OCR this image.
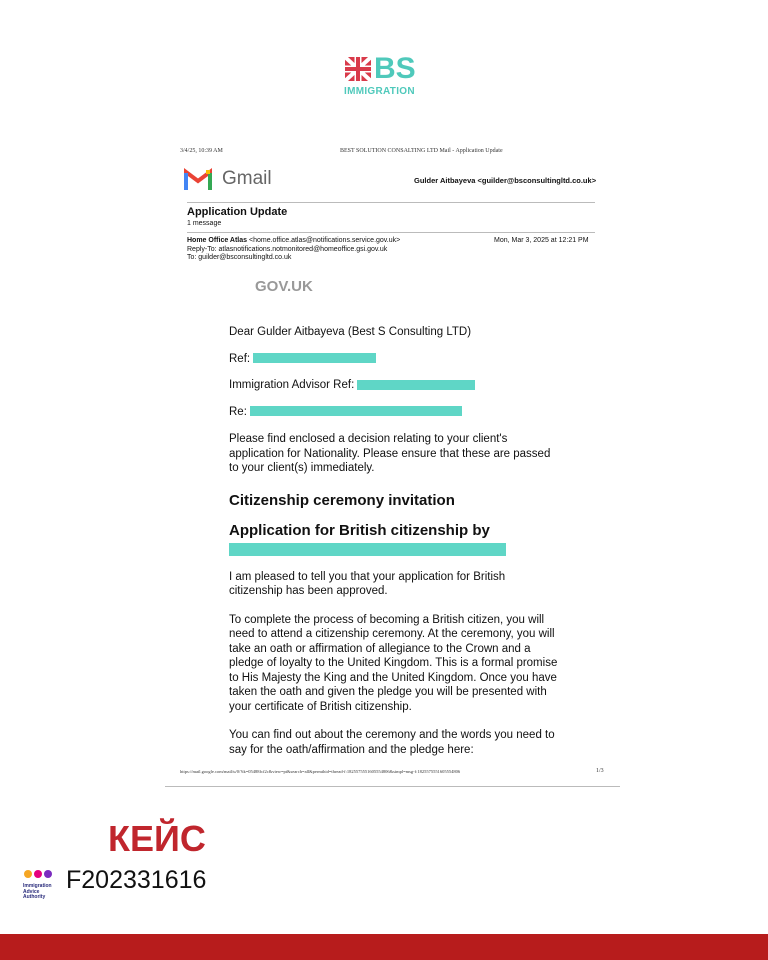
BS
IMMIGRATION
3/4/25, 10:39 AM	BEST SOLUTION CONSALTING LTD Mail - Application Update
Gmail	Gulder Aitbayeva <guilder@bsconsultingltd.co.uk>
Application Update
1 message
Home Office Atlas <home.office.atlas@notifications.service.gov.uk>
Reply-To: atlasnotifications.notmonitored@homeoffice.gsi.gov.uk
To: guilder@bsconsultingltd.co.uk
Mon, Mar 3, 2025 at 12:21 PM
GOV.UK
Dear Gulder Aitbayeva (Best S Consulting LTD)
Ref:
Immigration Advisor Ref:
Re:

Please find enclosed a decision relating to your client's application for Nationality. Please ensure that these are passed to your client(s) immediately.

Citizenship ceremony invitation
Application for British citizenship by

I am pleased to tell you that your application for British citizenship has been approved.

To complete the process of becoming a British citizen, you will need to attend a citizenship ceremony. At the ceremony, you will take an oath or affirmation of allegiance to the Crown and a pledge of loyalty to the United Kingdom. This is a formal promise to His Majesty the King and the United Kingdom. Once you have taken the oath and given the pledge you will be presented with your certificate of British citizenship.

You can find out about the ceremony and the words you need to say for the oath/affirmation and the pledge here:

https://mail.google.com/mail/u/0/?ik=05488fcf2c&view=pt&search=all&permthid=thread-f:1825575551605554806&simpl=msg-f:1825575551605554806	1/3
КЕЙС
Immigration Advice Authority
F202331616
